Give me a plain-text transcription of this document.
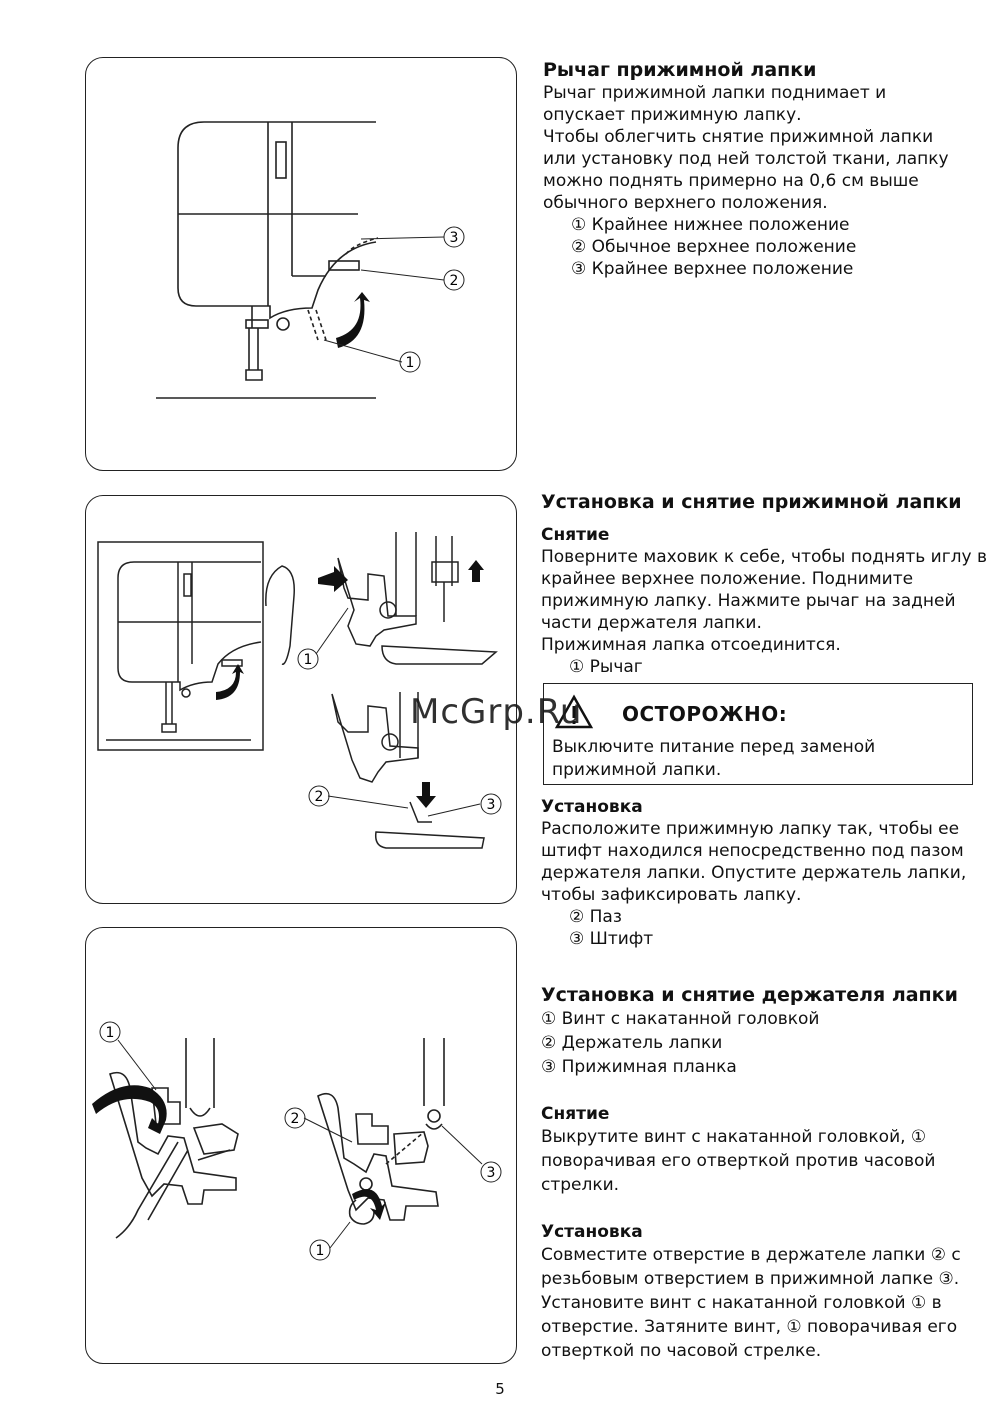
3
2
1
Рычаг прижимной лапки

Рычаг прижимной лапки поднимает и опускает прижимную лапку.

Чтобы облегчить снятие прижимной лапки или установку под ней толстой ткани, лапку можно поднять примерно на 0,6 см выше обычного верхнего положения.

① Крайнее нижнее положение

② Обычное верхнее положение

③ Крайнее верхнее положение

1
2	3
Установка и снятие прижимной лапки
Снятие

Поверните маховик к себе, чтобы поднять иглу в крайнее верхнее положение. Поднимите прижимную лапку. Нажмите рычаг на задней части держателя лапки.

Прижимная лапка отсоединится.

① Рычаг

ОСТОРОЖНО:
Выключите питание перед заменой прижимной лапки.
McGrp.Ru
Установка

Расположите прижимную лапку так, чтобы ее штифт находился непосредственно под пазом держателя лапки. Опустите держатель лапки, чтобы зафиксировать лапку.

② Паз

③ Штифт

1
2
3
1
Установка и снятие держателя лапки

① Винт с накатанной головкой

② Держатель лапки

③ Прижимная планка

Снятие

Выкрутите винт с накатанной головкой, ① поворачивая его отверткой против часовой стрелки.

Установка

Совместите отверстие в держателе лапки ② с резьбовым отверстием в прижимной лапке ③. Установите винт с накатанной головкой ① в отверстие. Затяните винт, ① поворачивая его отверткой по часовой стрелке.

5
